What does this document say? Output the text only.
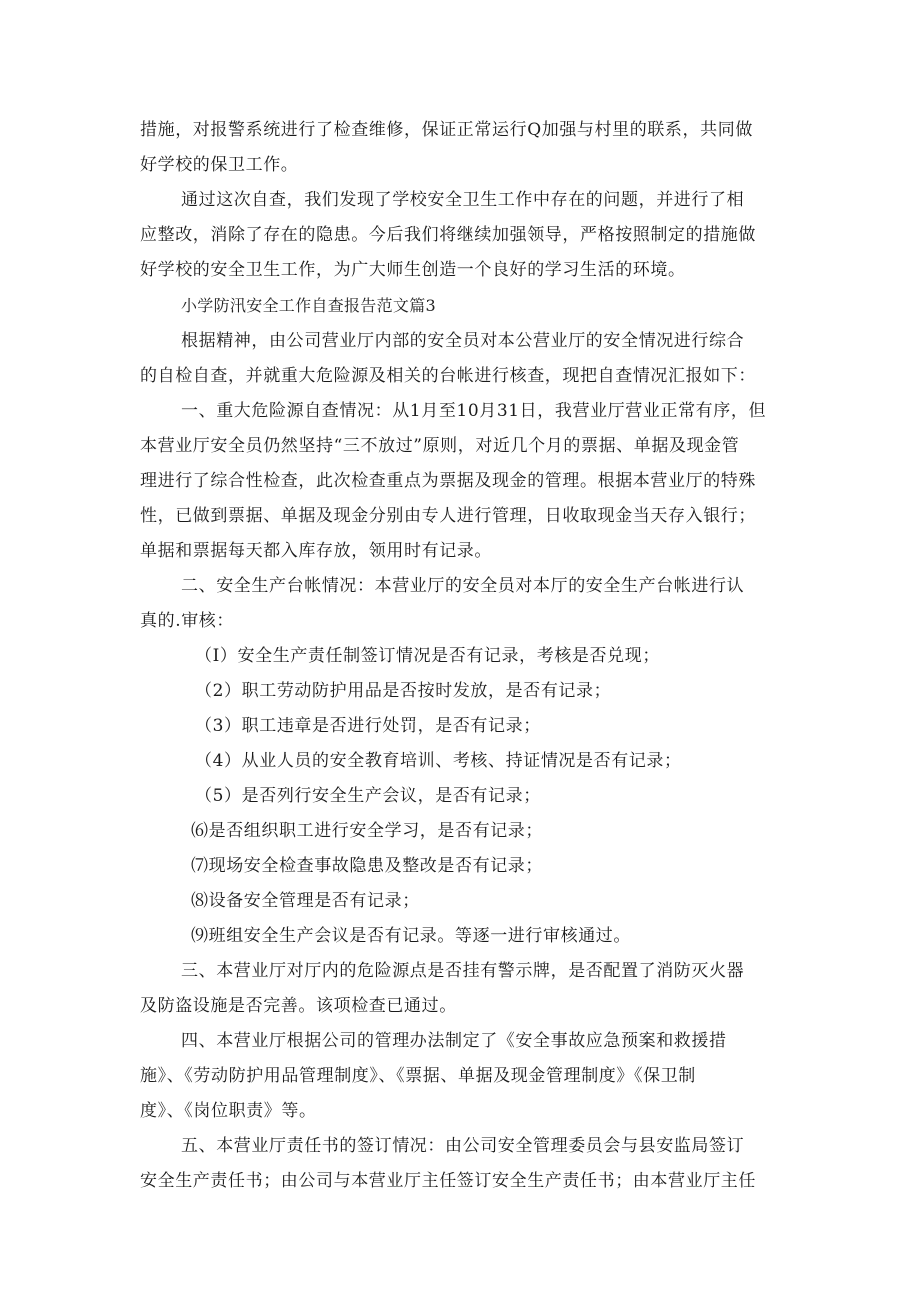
措施，对报警系统进行了检查维修，保证正常运行Q加强与村里的联系，共同做
好学校的保卫工作。
通过这次自查，我们发现了学校安全卫生工作中存在的问题，并进行了相
应整改，消除了存在的隐患。今后我们将继续加强领导，严格按照制定的措施做
好学校的安全卫生工作，为广大师生创造一个良好的学习生活的环境。
小学防汛安全工作自查报告范文篇3
根据精神，由公司营业厅内部的安全员对本公营业厅的安全情况进行综合
的自检自查，并就重大危险源及相关的台帐进行核查，现把自查情况汇报如下：
一、重大危险源自查情况：从1月至10月31日，我营业厅营业正常有序，但
本营业厅安全员仍然坚持“三不放过”原则，对近几个月的票据、单据及现金管
理进行了综合性检查，此次检查重点为票据及现金的管理。根据本营业厅的特殊
性，已做到票据、单据及现金分别由专人进行管理，日收取现金当天存入银行；
单据和票据每天都入库存放，领用时有记录。
二、安全生产台帐情况：本营业厅的安全员对本厅的安全生产台帐进行认
真的.审核：
（I）安全生产责任制签订情况是否有记录，考核是否兑现；
（2）职工劳动防护用品是否按时发放，是否有记录；
（3）职工违章是否进行处罚，是否有记录；
（4）从业人员的安全教育培训、考核、持证情况是否有记录；
（5）是否列行安全生产会议，是否有记录；
⑹是否组织职工进行安全学习，是否有记录；
⑺现场安全检查事故隐患及整改是否有记录；
⑻设备安全管理是否有记录；
⑼班组安全生产会议是否有记录。等逐一进行审核通过。
三、本营业厅对厅内的危险源点是否挂有警示牌，是否配置了消防灭火器
及防盗设施是否完善。该项检查已通过。
四、本营业厅根据公司的管理办法制定了《安全事故应急预案和救援措
施》、《劳动防护用品管理制度》、《票据、单据及现金管理制度》《保卫制
度》、《岗位职责》等。
五、本营业厅责任书的签订情况：由公司安全管理委员会与县安监局签订
安全生产责任书；由公司与本营业厅主任签订安全生产责任书；由本营业厅主任
